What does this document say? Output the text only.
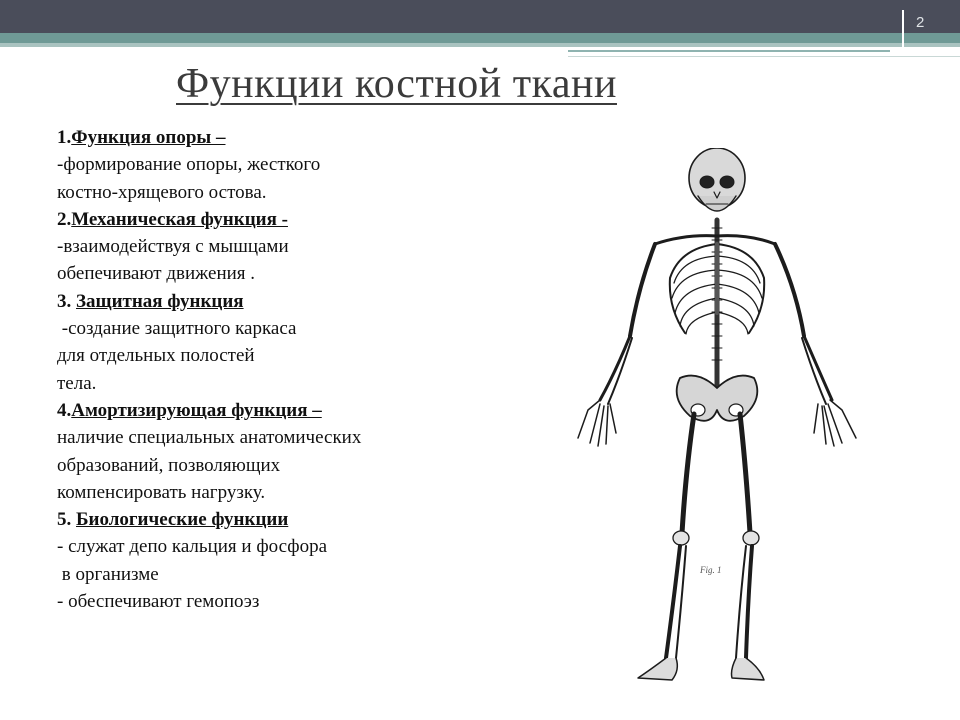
2
Функции костной ткани
1.Функция опоры –
-формирование опоры, жесткого
костно-хрящевого остова.
2.Механическая функция -
-взаимодействуя с мышцами
обепечивают движения .
3. Защитная функция
-создание защитного каркаса
для отдельных полостей
тела.
4.Амортизирующая функция –
наличие специальных анатомических
образований, позволяющих
компенсировать нагрузку.
5. Биологические функции
- служат депо кальция и фосфора
в организме
- обеспечивают гемопоэз
Fig. 1
